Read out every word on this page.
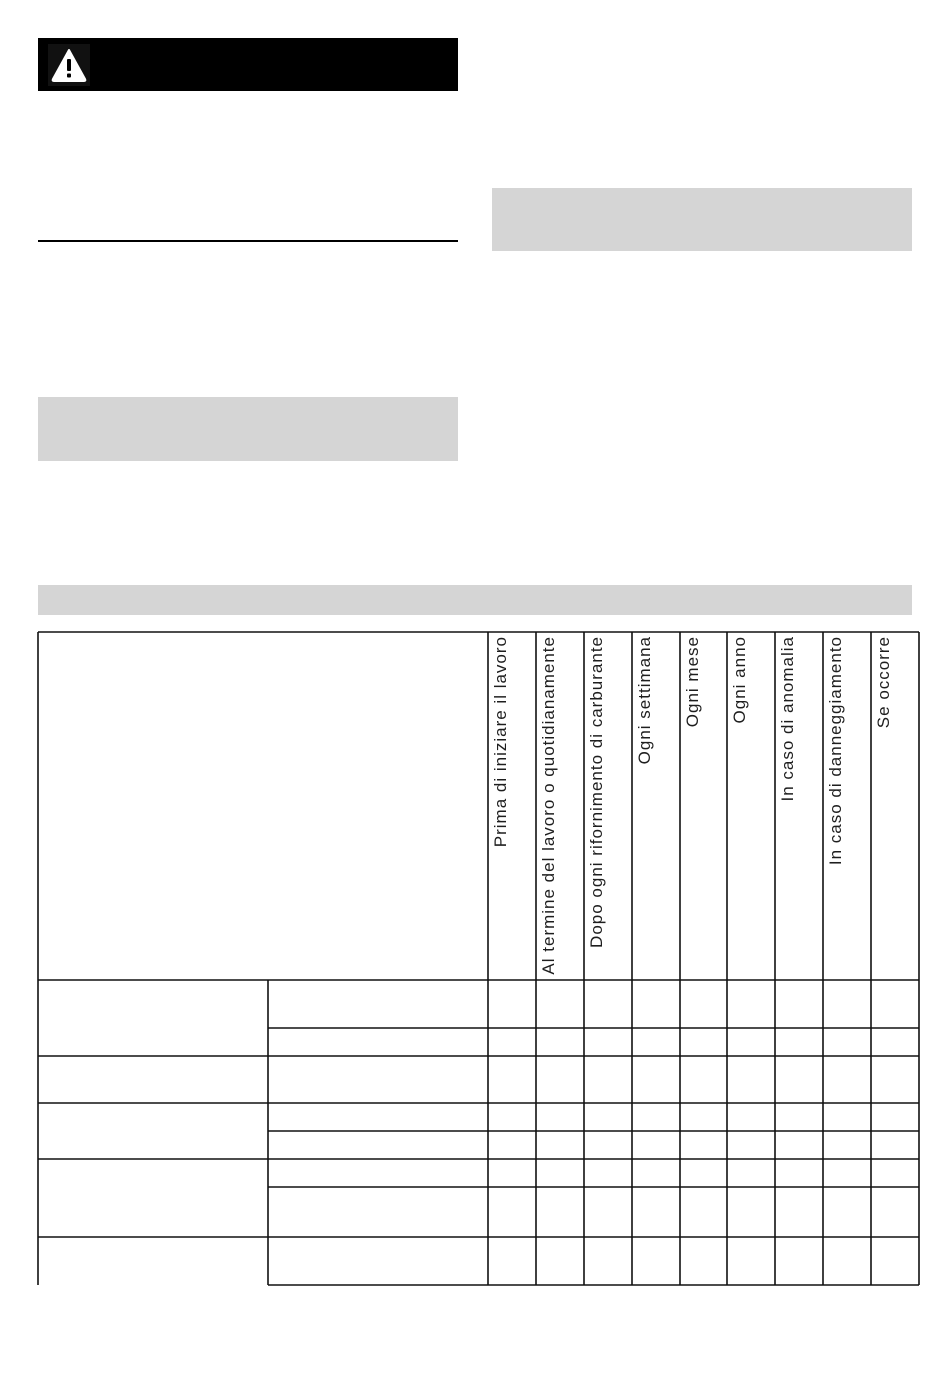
Prima di iniziare il lavoro Al termine del lavoro o quotidianamente Dopo ogni rifornimento di carburante Ogni settimana Ogni mese Ogni anno In caso di anomalia In caso di danneggiamento Se occorre
